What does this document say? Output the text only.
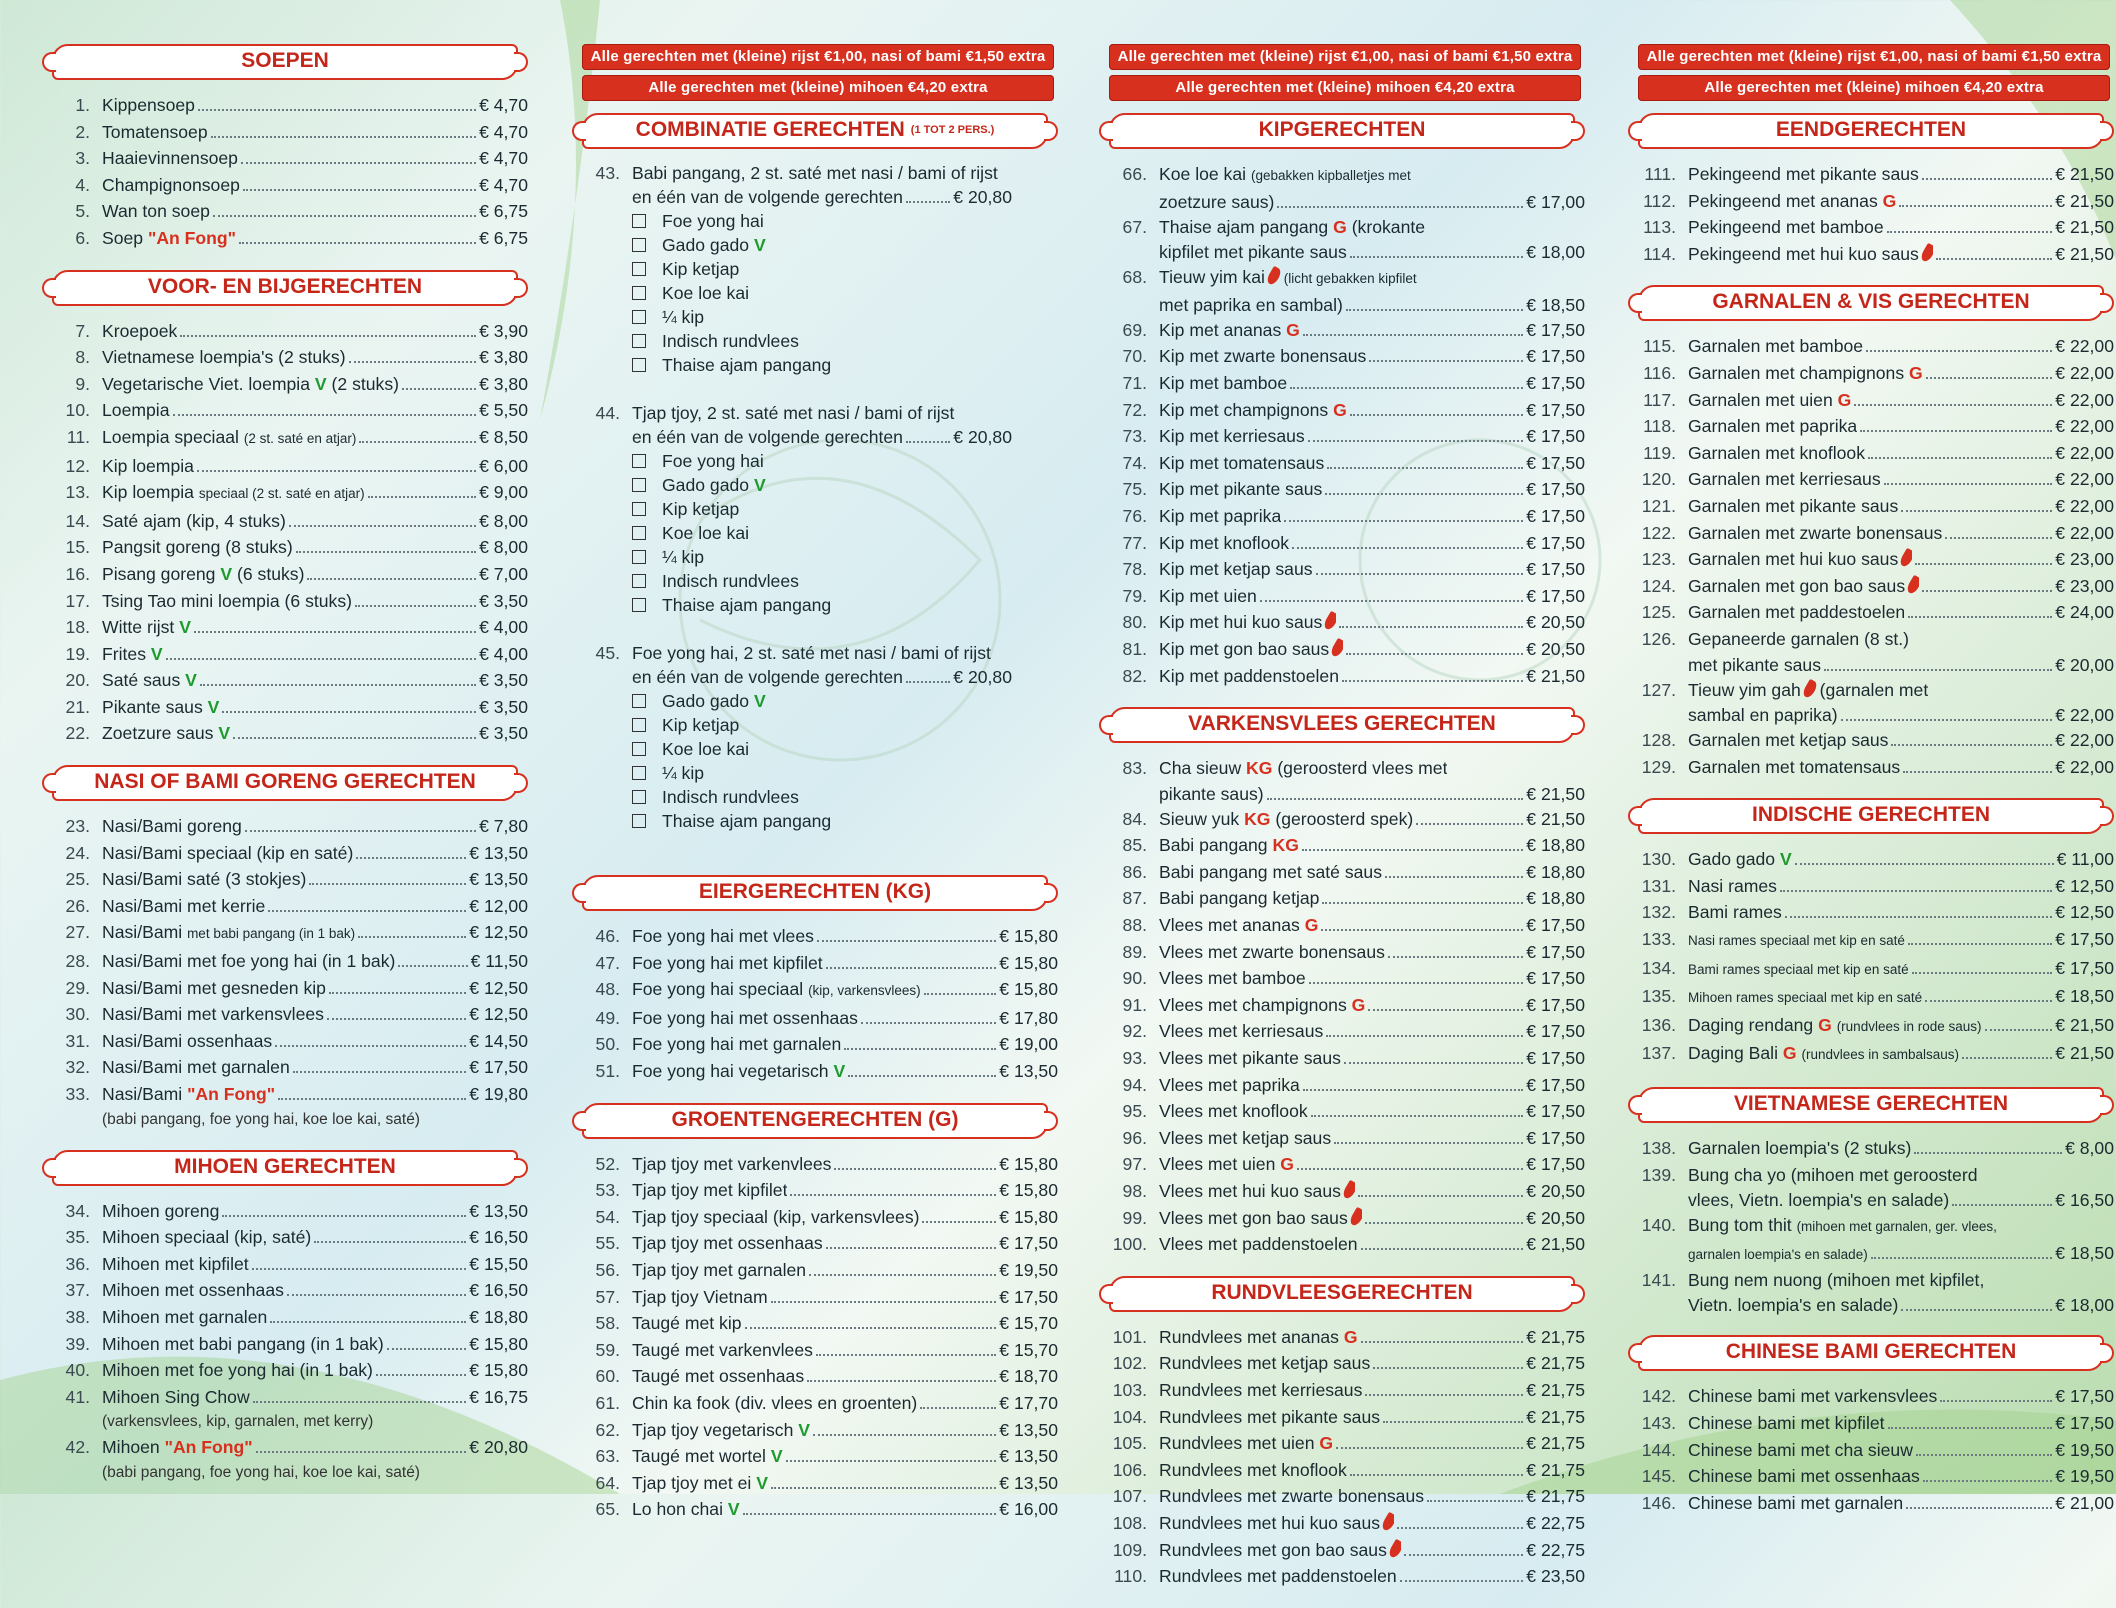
SOEPEN
1. Kippensoep	€ 4,70
2. Tomatensoep	€ 4,70
3. Haaievinnensoep	€ 4,70
4. Champignonsoep	€ 4,70
5. Wan ton soep	€ 6,75
6. Soep "An Fong"	€ 6,75
VOOR- EN BIJGERECHTEN
7. Kroepoek	€ 3,90
8. Vietnamese loempia's (2 stuks)	€ 3,80
9. Vegetarische Viet. loempia V (2 stuks)	€ 3,80
10. Loempia	€ 5,50
11. Loempia speciaal (2 st. saté en atjar)	€ 8,50
12. Kip loempia	€ 6,00
13. Kip loempia speciaal (2 st. saté en atjar)	€ 9,00
14. Saté ajam (kip, 4 stuks)	€ 8,00
15. Pangsit goreng (8 stuks)	€ 8,00
16. Pisang goreng V (6 stuks)	€ 7,00
17. Tsing Tao mini loempia (6 stuks)	€ 3,50
18. Witte rijst V	€ 4,00
19. Frites V	€ 4,00
20. Saté saus V	€ 3,50
21. Pikante saus V	€ 3,50
22. Zoetzure saus V	€ 3,50
NASI OF BAMI GORENG GERECHTEN
23. Nasi/Bami goreng	€ 7,80
24. Nasi/Bami speciaal (kip en saté)	€ 13,50
25. Nasi/Bami saté (3 stokjes)	€ 13,50
26. Nasi/Bami met kerrie	€ 12,00
27. Nasi/Bami met babi pangang (in 1 bak)	€ 12,50
28. Nasi/Bami met foe yong hai (in 1 bak)	€ 11,50
29. Nasi/Bami met gesneden kip	€ 12,50
30. Nasi/Bami met varkensvlees	€ 12,50
31. Nasi/Bami ossenhaas	€ 14,50
32. Nasi/Bami met garnalen	€ 17,50
33. Nasi/Bami "An Fong"	€ 19,80
(babi pangang, foe yong hai, koe loe kai, saté)
MIHOEN GERECHTEN
34. Mihoen goreng	€ 13,50
35. Mihoen speciaal (kip, saté)	€ 16,50
36. Mihoen met kipfilet	€ 15,50
37. Mihoen met ossenhaas	€ 16,50
38. Mihoen met garnalen	€ 18,80
39. Mihoen met babi pangang (in 1 bak)	€ 15,80
40. Mihoen met foe yong hai (in 1 bak)	€ 15,80
41. Mihoen Sing Chow	€ 16,75
(varkensvlees, kip, garnalen, met kerry)
42. Mihoen "An Fong"	€ 20,80
(babi pangang, foe yong hai, koe loe kai, saté)
Alle gerechten met (kleine) rijst €1,00, nasi of bami €1,50 extra
Alle gerechten met (kleine) mihoen €4,20 extra
COMBINATIE GERECHTEN (1 TOT 2 PERS.)
43. Babi pangang, 2 st. saté met nasi / bami of rijst
en één van de volgende gerechten	€ 20,80
Foe yong hai
Gado gado V
Kip ketjap
Koe loe kai
¼ kip
Indisch rundvlees
Thaise ajam pangang
44. Tjap tjoy, 2 st. saté met nasi / bami of rijst
en één van de volgende gerechten	€ 20,80
Foe yong hai
Gado gado V
Kip ketjap
Koe loe kai
¼ kip
Indisch rundvlees
Thaise ajam pangang
45. Foe yong hai, 2 st. saté met nasi / bami of rijst
en één van de volgende gerechten	€ 20,80
Gado gado V
Kip ketjap
Koe loe kai
¼ kip
Indisch rundvlees
Thaise ajam pangang
EIERGERECHTEN (KG)
46. Foe yong hai met vlees	€ 15,80
47. Foe yong hai met kipfilet	€ 15,80
48. Foe yong hai speciaal (kip, varkensvlees)	€ 15,80
49. Foe yong hai met ossenhaas	€ 17,80
50. Foe yong hai met garnalen	€ 19,00
51. Foe yong hai vegetarisch V	€ 13,50
GROENTENGERECHTEN (G)
52. Tjap tjoy met varkenvlees	€ 15,80
53. Tjap tjoy met kipfilet	€ 15,80
54. Tjap tjoy speciaal (kip, varkensvlees)	€ 15,80
55. Tjap tjoy met ossenhaas	€ 17,50
56. Tjap tjoy met garnalen	€ 19,50
57. Tjap tjoy Vietnam	€ 17,50
58. Taugé met kip	€ 15,70
59. Taugé met varkenvlees	€ 15,70
60. Taugé met ossenhaas	€ 18,70
61. Chin ka fook (div. vlees en groenten)	€ 17,70
62. Tjap tjoy vegetarisch V	€ 13,50
63. Taugé met wortel V	€ 13,50
64. Tjap tjoy met ei V	€ 13,50
65. Lo hon chai V	€ 16,00
Alle gerechten met (kleine) rijst €1,00, nasi of bami €1,50 extra
Alle gerechten met (kleine) mihoen €4,20 extra
KIPGERECHTEN
66. Koe loe kai (gebakken kipballetjes met
zoetzure saus)	€ 17,00
67. Thaise ajam pangang G (krokante
kipfilet met pikante saus	€ 18,00
68. Tieuw yim kai (licht gebakken kipfilet
met paprika en sambal)	€ 18,50
69. Kip met ananas G	€ 17,50
70. Kip met zwarte bonensaus	€ 17,50
71. Kip met bamboe	€ 17,50
72. Kip met champignons G	€ 17,50
73. Kip met kerriesaus	€ 17,50
74. Kip met tomatensaus	€ 17,50
75. Kip met pikante saus	€ 17,50
76. Kip met paprika	€ 17,50
77. Kip met knoflook	€ 17,50
78. Kip met ketjap saus	€ 17,50
79. Kip met uien	€ 17,50
80. Kip met hui kuo saus	€ 20,50
81. Kip met gon bao saus	€ 20,50
82. Kip met paddenstoelen	€ 21,50
VARKENSVLEES GERECHTEN
83. Cha sieuw KG (geroosterd vlees met
pikante saus)	€ 21,50
84. Sieuw yuk KG (geroosterd spek)	€ 21,50
85. Babi pangang KG	€ 18,80
86. Babi pangang met saté saus	€ 18,80
87. Babi pangang ketjap	€ 18,80
88. Vlees met ananas G	€ 17,50
89. Vlees met zwarte bonensaus	€ 17,50
90. Vlees met bamboe	€ 17,50
91. Vlees met champignons G	€ 17,50
92. Vlees met kerriesaus	€ 17,50
93. Vlees met pikante saus	€ 17,50
94. Vlees met paprika	€ 17,50
95. Vlees met knoflook	€ 17,50
96. Vlees met ketjap saus	€ 17,50
97. Vlees met uien G	€ 17,50
98. Vlees met hui kuo saus	€ 20,50
99. Vlees met gon bao saus	€ 20,50
100. Vlees met paddenstoelen	€ 21,50
RUNDVLEESGERECHTEN
101. Rundvlees met ananas G	€ 21,75
102. Rundvlees met ketjap saus	€ 21,75
103. Rundvlees met kerriesaus	€ 21,75
104. Rundvlees met pikante saus	€ 21,75
105. Rundvlees met uien G	€ 21,75
106. Rundvlees met knoflook	€ 21,75
107. Rundvlees met zwarte bonensaus	€ 21,75
108. Rundvlees met hui kuo saus	€ 22,75
109. Rundvlees met gon bao saus	€ 22,75
110. Rundvlees met paddenstoelen	€ 23,50
Alle gerechten met (kleine) rijst €1,00, nasi of bami €1,50 extra
Alle gerechten met (kleine) mihoen €4,20 extra
EENDGERECHTEN
111. Pekingeend met pikante saus	€ 21,50
112. Pekingeend met ananas G	€ 21,50
113. Pekingeend met bamboe	€ 21,50
114. Pekingeend met hui kuo saus	€ 21,50
GARNALEN & VIS GERECHTEN
115. Garnalen met bamboe	€ 22,00
116. Garnalen met champignons G	€ 22,00
117. Garnalen met uien G	€ 22,00
118. Garnalen met paprika	€ 22,00
119. Garnalen met knoflook	€ 22,00
120. Garnalen met kerriesaus	€ 22,00
121. Garnalen met pikante saus	€ 22,00
122. Garnalen met zwarte bonensaus	€ 22,00
123. Garnalen met hui kuo saus	€ 23,00
124. Garnalen met gon bao saus	€ 23,00
125. Garnalen met paddestoelen	€ 24,00
126. Gepaneerde garnalen (8 st.)
met pikante saus	€ 20,00
127. Tieuw yim gah (garnalen met
sambal en paprika)	€ 22,00
128. Garnalen met ketjap saus	€ 22,00
129. Garnalen met tomatensaus	€ 22,00
INDISCHE GERECHTEN
130. Gado gado V	€ 11,00
131. Nasi rames	€ 12,50
132. Bami rames	€ 12,50
133. Nasi rames speciaal met kip en saté	€ 17,50
134. Bami rames speciaal met kip en saté	€ 17,50
135. Mihoen rames speciaal met kip en saté	€ 18,50
136. Daging rendang G (rundvlees in rode saus)	€ 21,50
137. Daging Bali G (rundvlees in sambalsaus)	€ 21,50
VIETNAMESE GERECHTEN
138. Garnalen loempia's (2 stuks)	€ 8,00
139. Bung cha yo (mihoen met geroosterd
vlees, Vietn. loempia's en salade)	€ 16,50
140. Bung tom thit (mihoen met garnalen, ger. vlees,
garnalen loempia's en salade)	€ 18,50
141. Bung nem nuong (mihoen met kipfilet,
Vietn. loempia's en salade)	€ 18,00
CHINESE BAMI GERECHTEN
142. Chinese bami met varkensvlees	€ 17,50
143. Chinese bami met kipfilet	€ 17,50
144. Chinese bami met cha sieuw	€ 19,50
145. Chinese bami met ossenhaas	€ 19,50
146. Chinese bami met garnalen	€ 21,00
